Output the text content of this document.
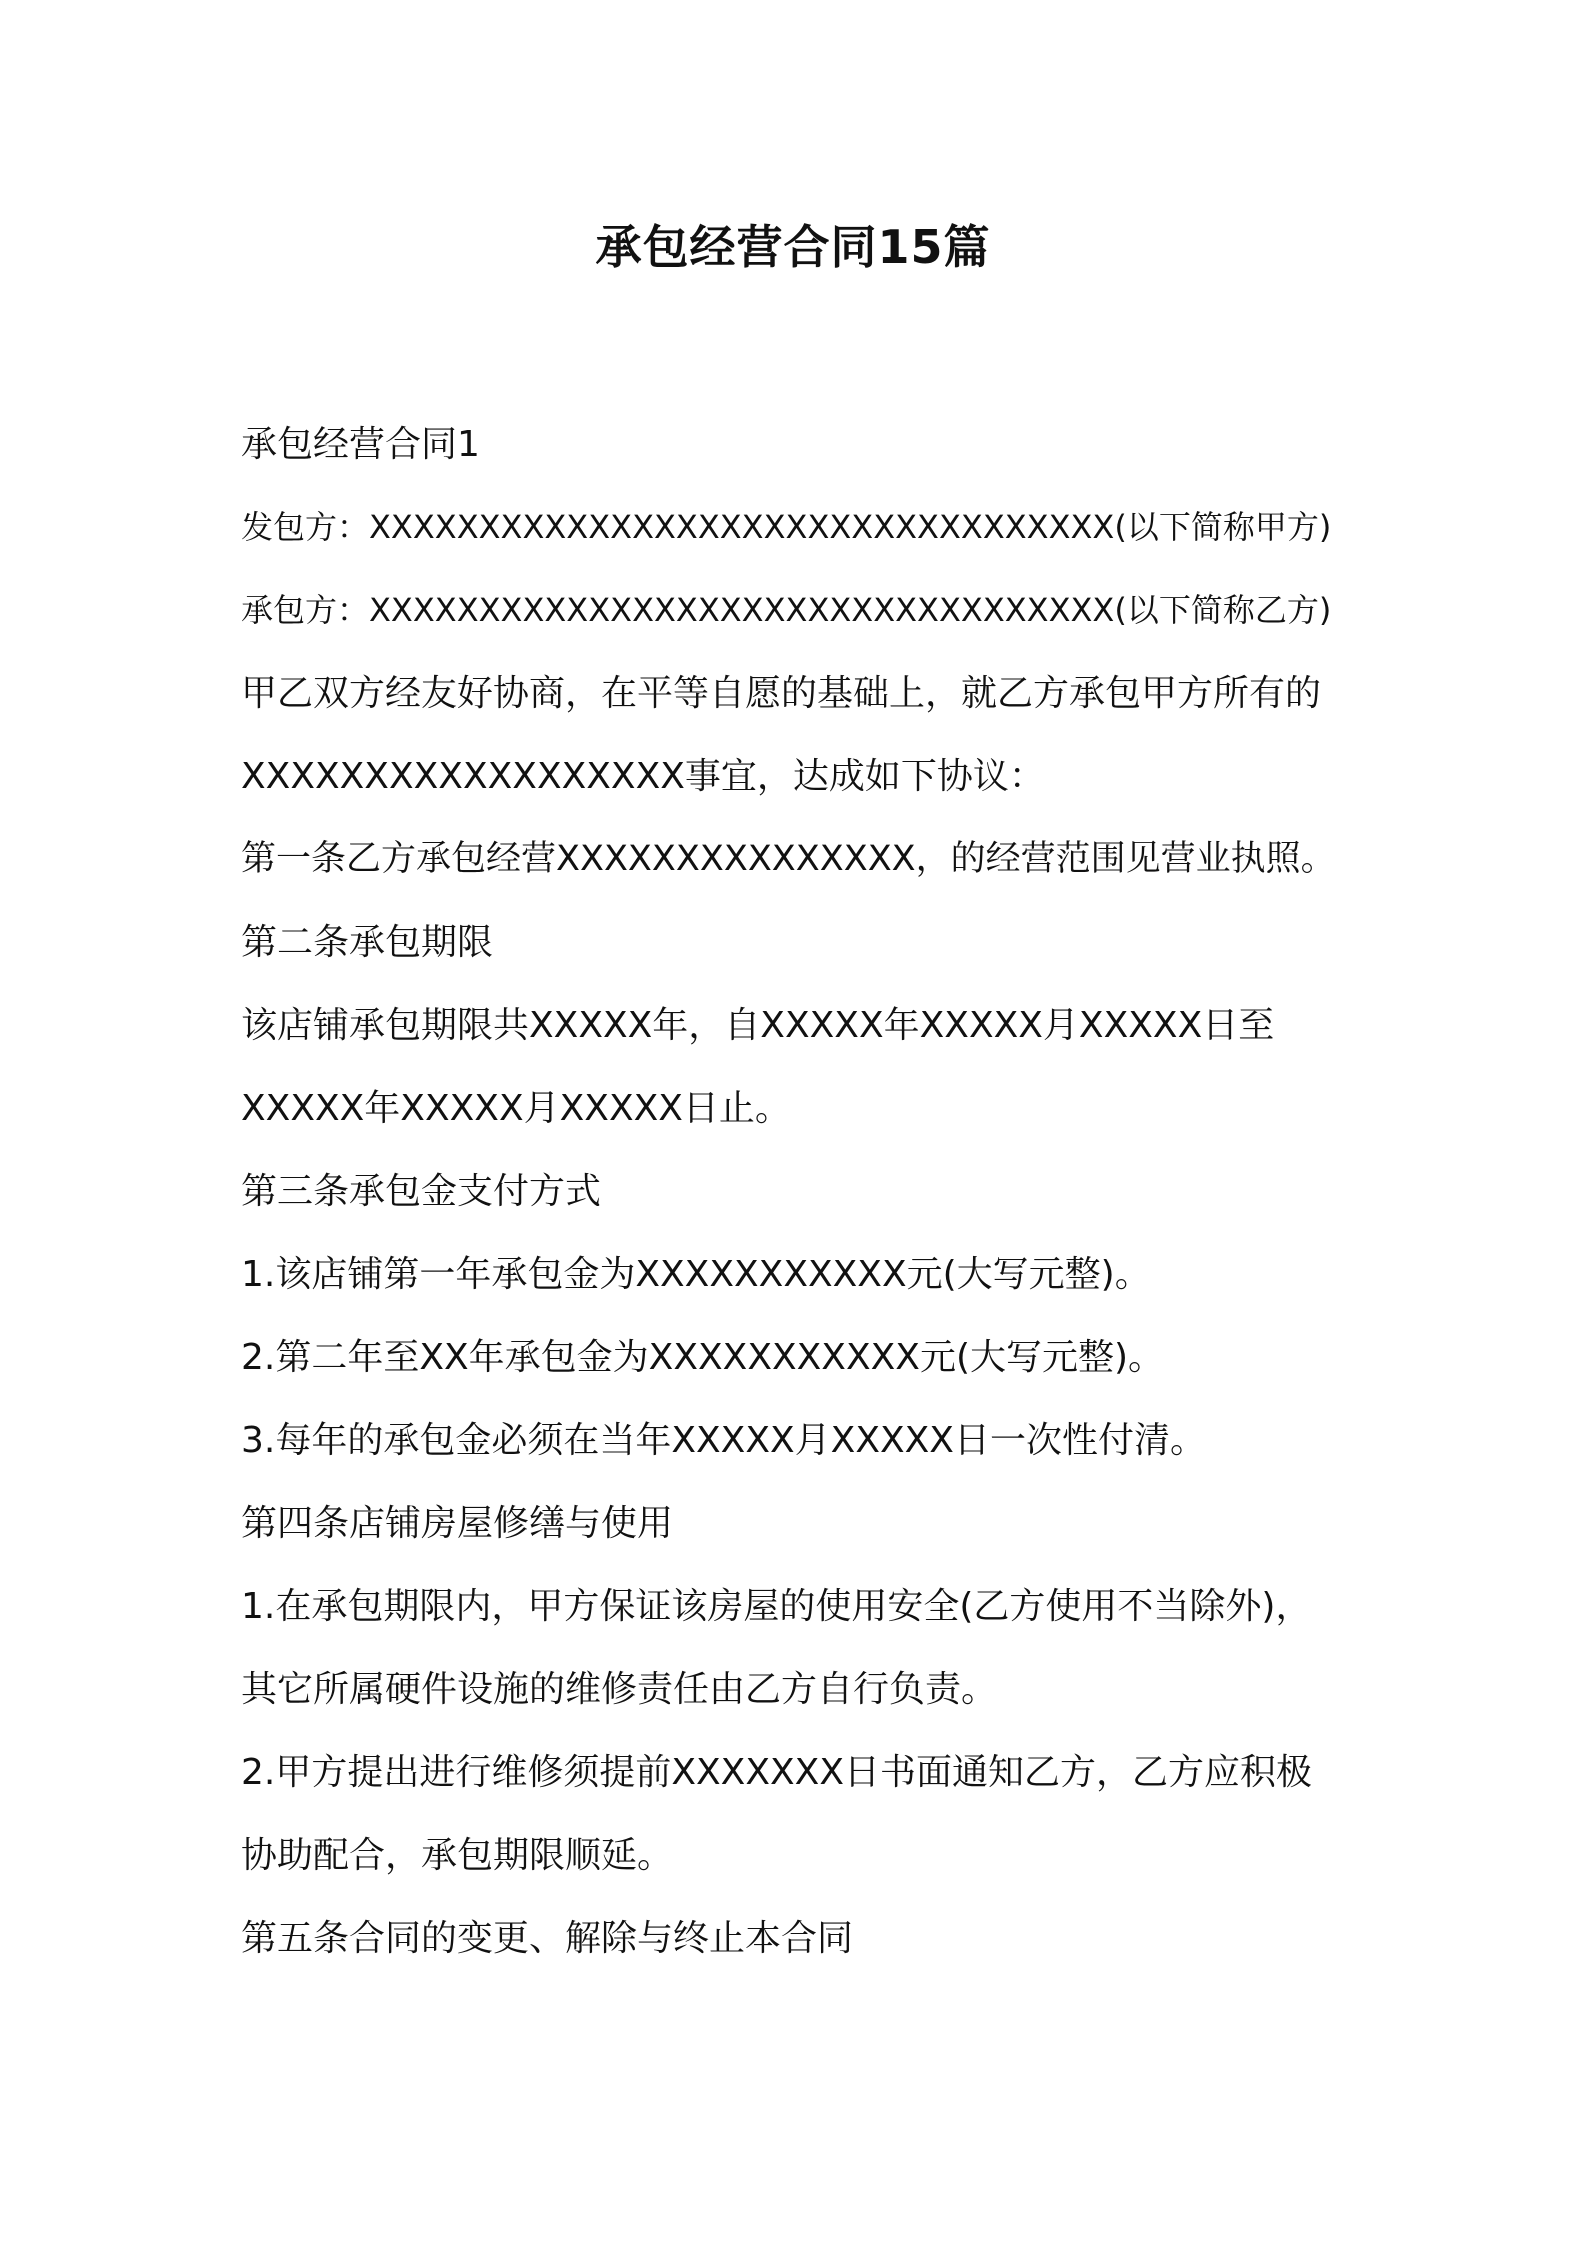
承包经营合同15篇

承包经营合同1

发包方：XXXXXXXXXXXXXXXXXXXXXXXXXXXXXXXXXX(以下简称甲方)

承包方：XXXXXXXXXXXXXXXXXXXXXXXXXXXXXXXXXX(以下简称乙方)

甲乙双方经友好协商，在平等自愿的基础上，就乙方承包甲方所有的

XXXXXXXXXXXXXXXXXX事宜，达成如下协议：

第一条乙方承包经营XXXXXXXXXXXXXXX，的经营范围见营业执照。

第二条承包期限

该店铺承包期限共XXXXX年，自XXXXX年XXXXX月XXXXX日至

XXXXX年XXXXX月XXXXX日止。

第三条承包金支付方式

1.该店铺第一年承包金为XXXXXXXXXXX元(大写元整)。

2.第二年至XX年承包金为XXXXXXXXXXX元(大写元整)。

3.每年的承包金必须在当年XXXXX月XXXXX日一次性付清。

第四条店铺房屋修缮与使用

1.在承包期限内，甲方保证该房屋的使用安全(乙方使用不当除外)，

其它所属硬件设施的维修责任由乙方自行负责。

2.甲方提出进行维修须提前XXXXXXX日书面通知乙方，乙方应积极

协助配合，承包期限顺延。

第五条合同的变更、解除与终止本合同
